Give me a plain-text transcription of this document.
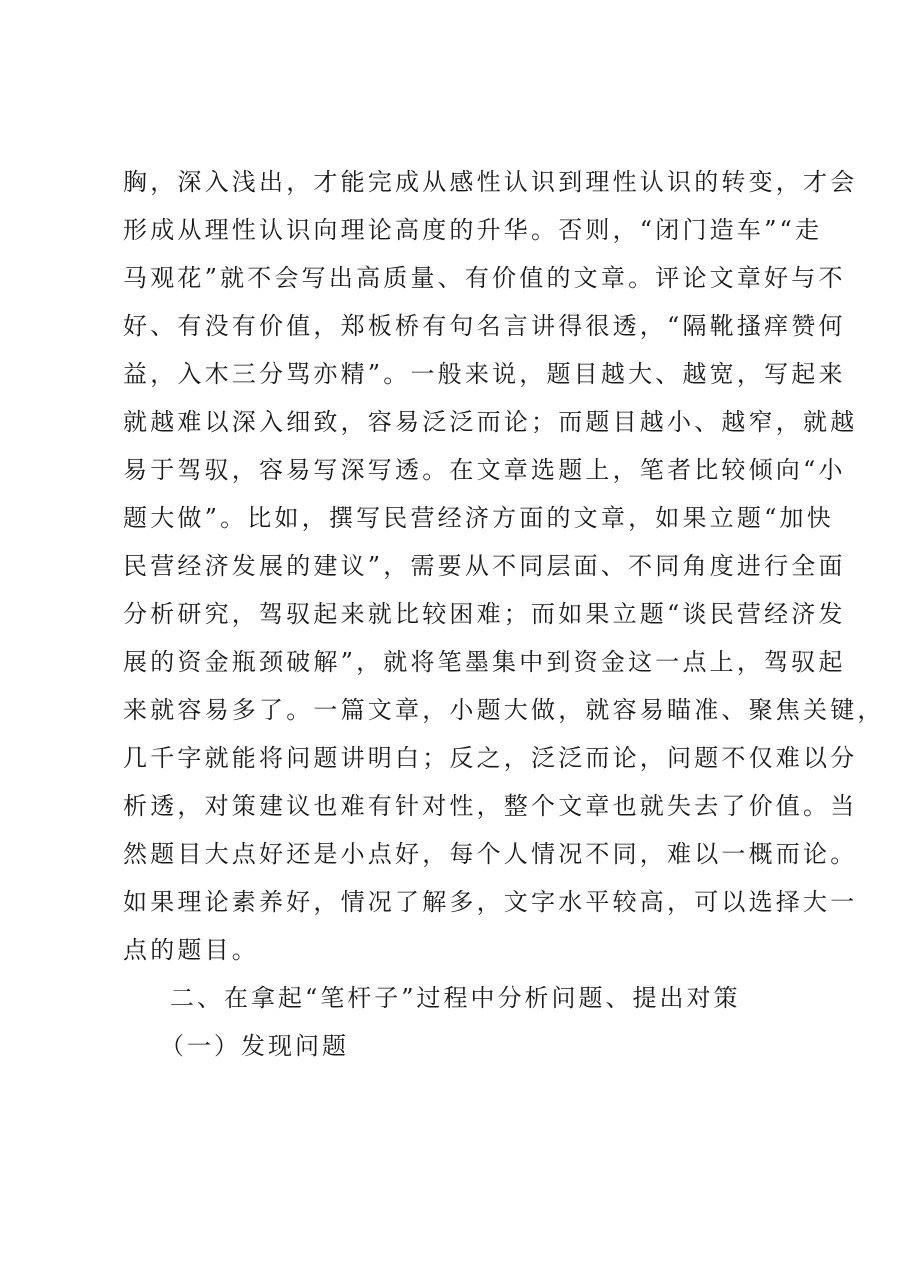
胸，深入浅出，才能完成从感性认识到理性认识的转变，才会
形成从理性认识向理论高度的升华。否则，“闭门造车”“走
马观花”就不会写出高质量、有价值的文章。评论文章好与不
好、有没有价值，郑板桥有句名言讲得很透，“隔靴搔痒赞何
益，入木三分骂亦精”。一般来说，题目越大、越宽，写起来
就越难以深入细致，容易泛泛而论；而题目越小、越窄，就越
易于驾驭，容易写深写透。在文章选题上，笔者比较倾向“小
题大做”。比如，撰写民营经济方面的文章，如果立题“加快
民营经济发展的建议”，需要从不同层面、不同角度进行全面
分析研究，驾驭起来就比较困难；而如果立题“谈民营经济发
展的资金瓶颈破解”，就将笔墨集中到资金这一点上，驾驭起
来就容易多了。一篇文章，小题大做，就容易瞄准、聚焦关键，
几千字就能将问题讲明白；反之，泛泛而论，问题不仅难以分
析透，对策建议也难有针对性，整个文章也就失去了价值。当
然题目大点好还是小点好，每个人情况不同，难以一概而论。
如果理论素养好，情况了解多，文字水平较高，可以选择大一
点的题目。
二、在拿起“笔杆子”过程中分析问题、提出对策
（一）发现问题
